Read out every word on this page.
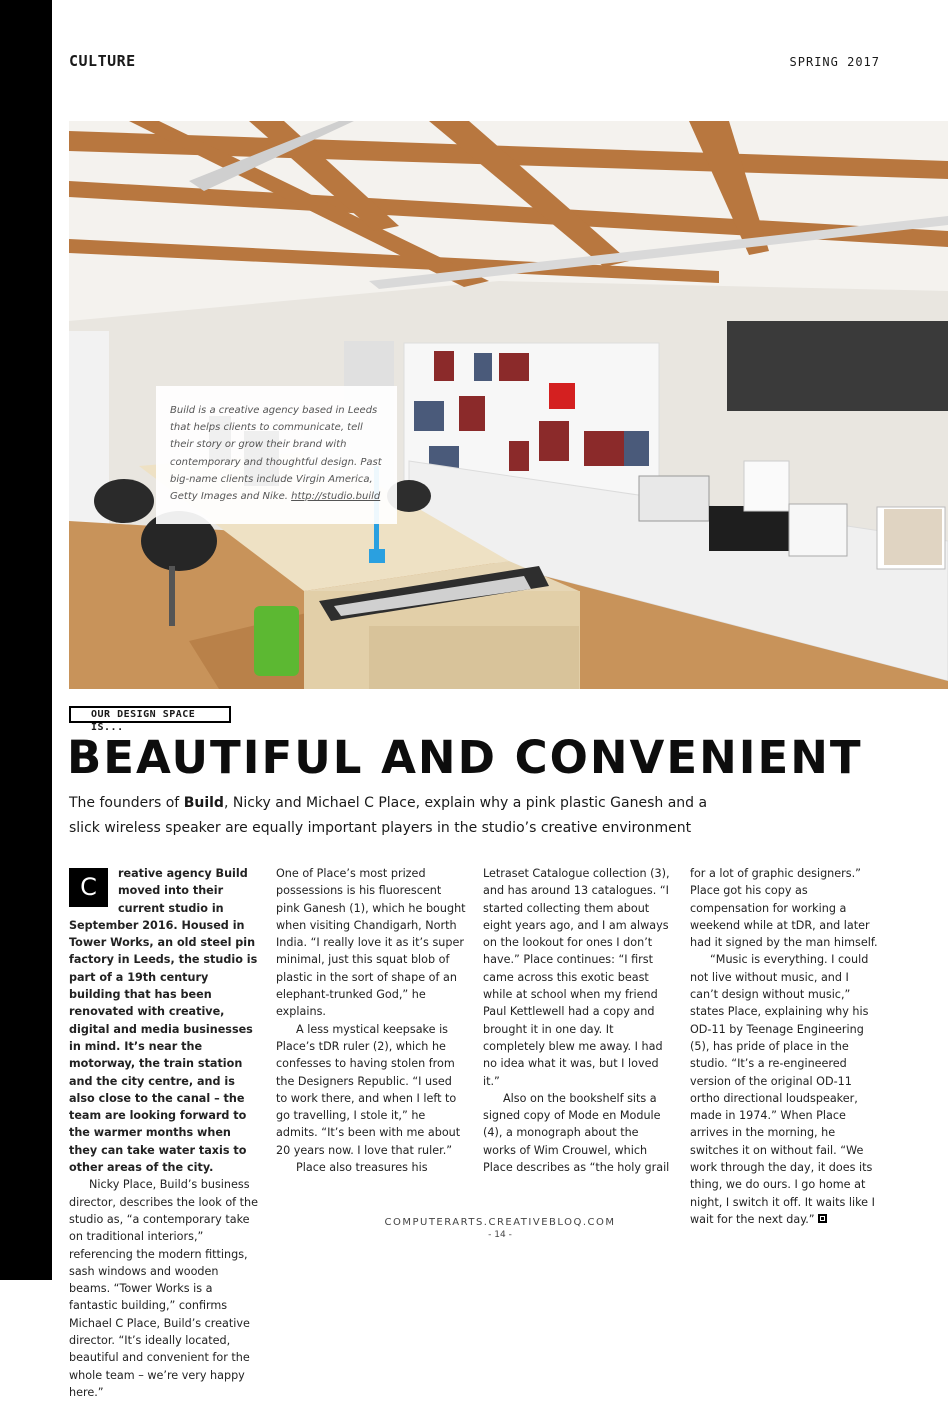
CULTURE	SPRING 2017
Build is a creative agency based in Leeds that helps clients to communicate, tell their story or grow their brand with contemporary and thoughtful design. Past big-name clients include Virgin America, Getty Images and Nike. http://studio.build
OUR DESIGN SPACE IS...
BEAUTIFUL AND CONVENIENT

The founders of Build, Nicky and Michael C Place, explain why a pink plastic Ganesh and a slick wireless speaker are equally important players in the studio’s creative environment

C	reative agency Build moved into their current studio in September 2016. Housed in Tower Works, an old steel pin factory in Leeds, the studio is part of a 19th century building that has been renovated with creative, digital and media businesses in mind. It’s near the motorway, the train station and the city centre, and is also close to the canal – the team are looking forward to the warmer months when they can take water taxis to other areas of the city.

Nicky Place, Build’s business director, describes the look of the studio as, “a contemporary take on traditional interiors,” referencing the modern fittings, sash windows and wooden beams. “Tower Works is a fantastic building,” confirms Michael C Place, Build’s creative director. “It’s ideally located, beautiful and convenient for the whole team – we’re very happy here.”

One of Place’s most prized possessions is his fluorescent pink Ganesh (1), which he bought when visiting Chandigarh, North India. “I really love it as it’s super minimal, just this squat blob of plastic in the sort of shape of an elephant-trunked God,” he explains.

A less mystical keepsake is Place’s tDR ruler (2), which he confesses to having stolen from the Designers Republic. “I used to work there, and when I left to go travelling, I stole it,” he admits. “It’s been with me about 20 years now. I love that ruler.”

Place also treasures his

Letraset Catalogue collection (3), and has around 13 catalogues. “I started collecting them about eight years ago, and I am always on the lookout for ones I don’t have.” Place continues: “I first came across this exotic beast while at school when my friend Paul Kettlewell had a copy and brought it in one day. It completely blew me away. I had no idea what it was, but I loved it.”

Also on the bookshelf sits a signed copy of Mode en Module (4), a monograph about the works of Wim Crouwel, which Place describes as “the holy grail

for a lot of graphic designers.” Place got his copy as compensation for working a weekend while at tDR, and later had it signed by the man himself.

“Music is everything. I could not live without music, and I can’t design without music,” states Place, explaining why his OD-11 by Teenage Engineering (5), has pride of place in the studio. “It’s a re-engineered version of the original OD-11 ortho directional loudspeaker, made in 1974.” When Place arrives in the morning, he switches it on without fail. “We work through the day, it does its thing, we do ours. I go home at night, I switch it off. It waits like I wait for the next day.”

COMPUTERARTS.CREATIVEBLOQ.COM
- 14 -
